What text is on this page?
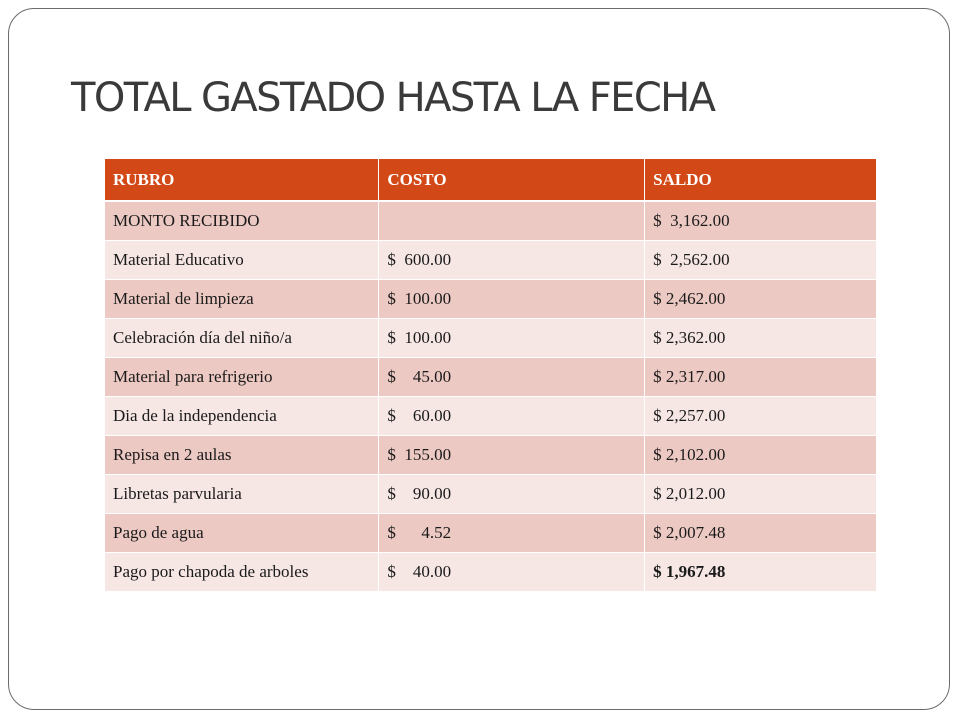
TOTAL GASTADO HASTA LA FECHA
RUBRO	COSTO	SALDO
MONTO RECIBIDO		$  3,162.00
Material Educativo	$  600.00	$  2,562.00
Material de limpieza	$  100.00	$ 2,462.00
Celebración día del niño/a	$  100.00	$ 2,362.00
Material para refrigerio	$    45.00	$ 2,317.00
Dia de la independencia	$    60.00	$ 2,257.00
Repisa en 2 aulas	$  155.00	$ 2,102.00
Libretas parvularia	$    90.00	$ 2,012.00
Pago de agua	$      4.52	$ 2,007.48
Pago por chapoda de arboles	$    40.00	$ 1,967.48
